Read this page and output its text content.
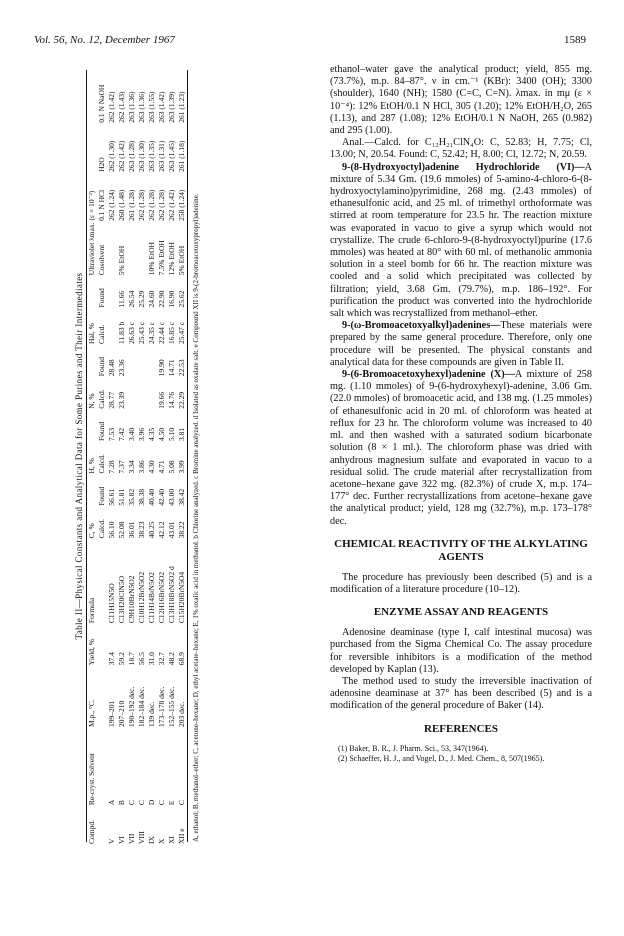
Vol. 56, No. 12, December 1967	1589
Table II—Physical Constants and Analytical Data for Some Purines and Their Intermediates
Compd.	Re-cryst. Solvent	M.p., °C.	Yield, %	Formula	C, %		H, %		N, %		Hal, %		Ultraviolet λmax. (ε × 10⁻³)			
					Calcd.	Found	Calcd.	Found	Calcd.	Found	Calcd.	Found	Cosolvent	0.1 N HCl	H2O	0.1 N NaOH
V	A	199–201	37.4	C11H15N5O	56.10	56.61	7.28	7.53	28.77	28.48				262 (1.24)	262 (1.30)	262 (1.42)
VI	B	207–210	59.2	C13H20ClN5O	52.08	51.81	7.37	7.42	23.39	23.36	11.83 b	11.66	5% EtOH	260 (1.48)	262 (1.42)	262 (1.43)
VII	C	190–192 dec.	18.7	C9H10BrN5O2	36.01	35.82	3.34	3.40			26.63 c	26.54		261 (1.28)	263 (1.28)	263 (1.36)
VIII	C	182–184 dec.	56.5	C10H12BrN5O2	38.23	38.38	3.86	3.96			25.43 c	25.29		262 (1.28)	263 (1.30)	263 (1.36)
IX	D	139 dec.	31.0	C11H14BrN5O2	40.25	40.40	4.30	4.35			24.35 c	24.60	10% EtOH	262 (1.28)	263 (1.35)	263 (1.55)
X	C	173–178 dec.	32.7	C12H16BrN5O2	42.12	42.40	4.71	4.50	19.66	19.90	22.44 c	22.90	7.5% EtOH	262 (1.28)	263 (1.31)	263 (1.42)
XI	E	152–155 dec.	48.2	C13H18BrN5O2 d	43.01	43.00	5.08	5.10	14.76	14.71	16.85 c	16.90	12% EtOH	262 (1.42)	263 (1.45)	263 (1.39)
XII e	C	203 dec.	68.9	C15H20BrN5O4	38.22	38.42	3.99	3.81	22.29	22.53	25.47 c	25.62	5% EtOH	258 (1.24)	261 (1.18)	261 (1.23)
A, ethanol; B, methanol–ether; C, acetone–hexane; D, ethyl acetate–hexane; E, 1% oxalic acid in methanol. b Chlorine analyzed. c Bromine analyzed. d Isolated as oxalate salt. e Compound XII is 9-(2-bromoacetoxypropyl)adenine.

ethanol–water gave the analytical product; yield, 855 mg. (73.7%), m.p. 84–87°. ν in cm.⁻¹ (KBr): 3400 (OH); 3300 (shoulder), 1640 (NH); 1580 (C=C, C=N). λmax. in mμ (ε × 10⁻⁴): 12% EtOH/0.1 N HCl, 305 (1.20); 12% EtOH/H₂O, 265 (1.13), and 287 (1.08); 12% EtOH/0.1 N NaOH, 265 (0.982) and 295 (1.00).

Anal.—Calcd. for C₁₂H₂₁ClN₄O: C, 52.83; H, 7.75; Cl, 13.00; N, 20.54. Found: C, 52.42; H, 8.00; Cl, 12.72; N, 20.59.

9-(8-Hydroxyoctyl)adenine Hydrochloride (VI)—A mixture of 5.34 Gm. (19.6 mmoles) of 5-amino-4-chloro-6-(8-hydroxyoctylamino)pyrimidine, 268 mg. (2.43 mmoles) of ethanesulfonic acid, and 25 ml. of trimethyl orthoformate was stirred at room temperature for 23.5 hr. The reaction mixture was evaporated in vacuo to give a syrup which would not crystallize. The crude 6-chloro-9-(8-hydroxyoctyl)purine (17.6 mmoles) was heated at 80° with 60 ml. of methanolic ammonia solution in a steel bomb for 66 hr. The reaction mixture was cooled and a solid which precipitated was collected by filtration; yield, 3.68 Gm. (79.7%), m.p. 186–192°. For purification the product was converted into the hydrochloride salt which was recrystallized from methanol–ether.

9-(ω-Bromoacetoxyalkyl)adenines—These materials were prepared by the same general procedure. Therefore, only one procedure will be presented. The physical constants and analytical data for these compounds are given in Table II.

9-(6-Bromoacetoxyhexyl)adenine (X)—A mixture of 258 mg. (1.10 mmoles) of 9-(6-hydroxyhexyl)-adenine, 3.06 Gm. (22.0 mmoles) of bromoacetic acid, and 138 mg. (1.25 mmoles) of ethanesulfonic acid in 20 ml. of chloroform was heated at reflux for 23 hr. The chloroform volume was increased to 40 ml. and then washed with a saturated sodium bicarbonate solution (8 × 1 ml.). The chloroform phase was dried with anhydrous magnesium sulfate and evaporated in vacuo to a residual solid. The crude material after recrystallization from acetone–hexane gave 322 mg. (82.3%) of crude X, m.p. 174–177° dec. Further recrystallizations from acetone–hexane gave the analytical product; yield, 128 mg (32.7%), m.p. 173–178° dec.

CHEMICAL REACTIVITY OF THE ALKYLATING AGENTS

The procedure has previously been described (5) and is a modification of a literature procedure (10–12).

ENZYME ASSAY AND REAGENTS

Adenosine deaminase (type I, calf intestinal mucosa) was purchased from the Sigma Chemical Co. The assay procedure for reversible inhibitors is a modification of the method developed by Kaplan (13).

The method used to study the irreversible inactivation of adenosine deaminase at 37° has been described (5) and is a modification of the general procedure of Baker (14).

REFERENCES

(1) Baker, B. R., J. Pharm. Sci., 53, 347(1964).

(2) Schaeffer, H. J., and Vogel, D., J. Med. Chem., 8, 507(1965).
